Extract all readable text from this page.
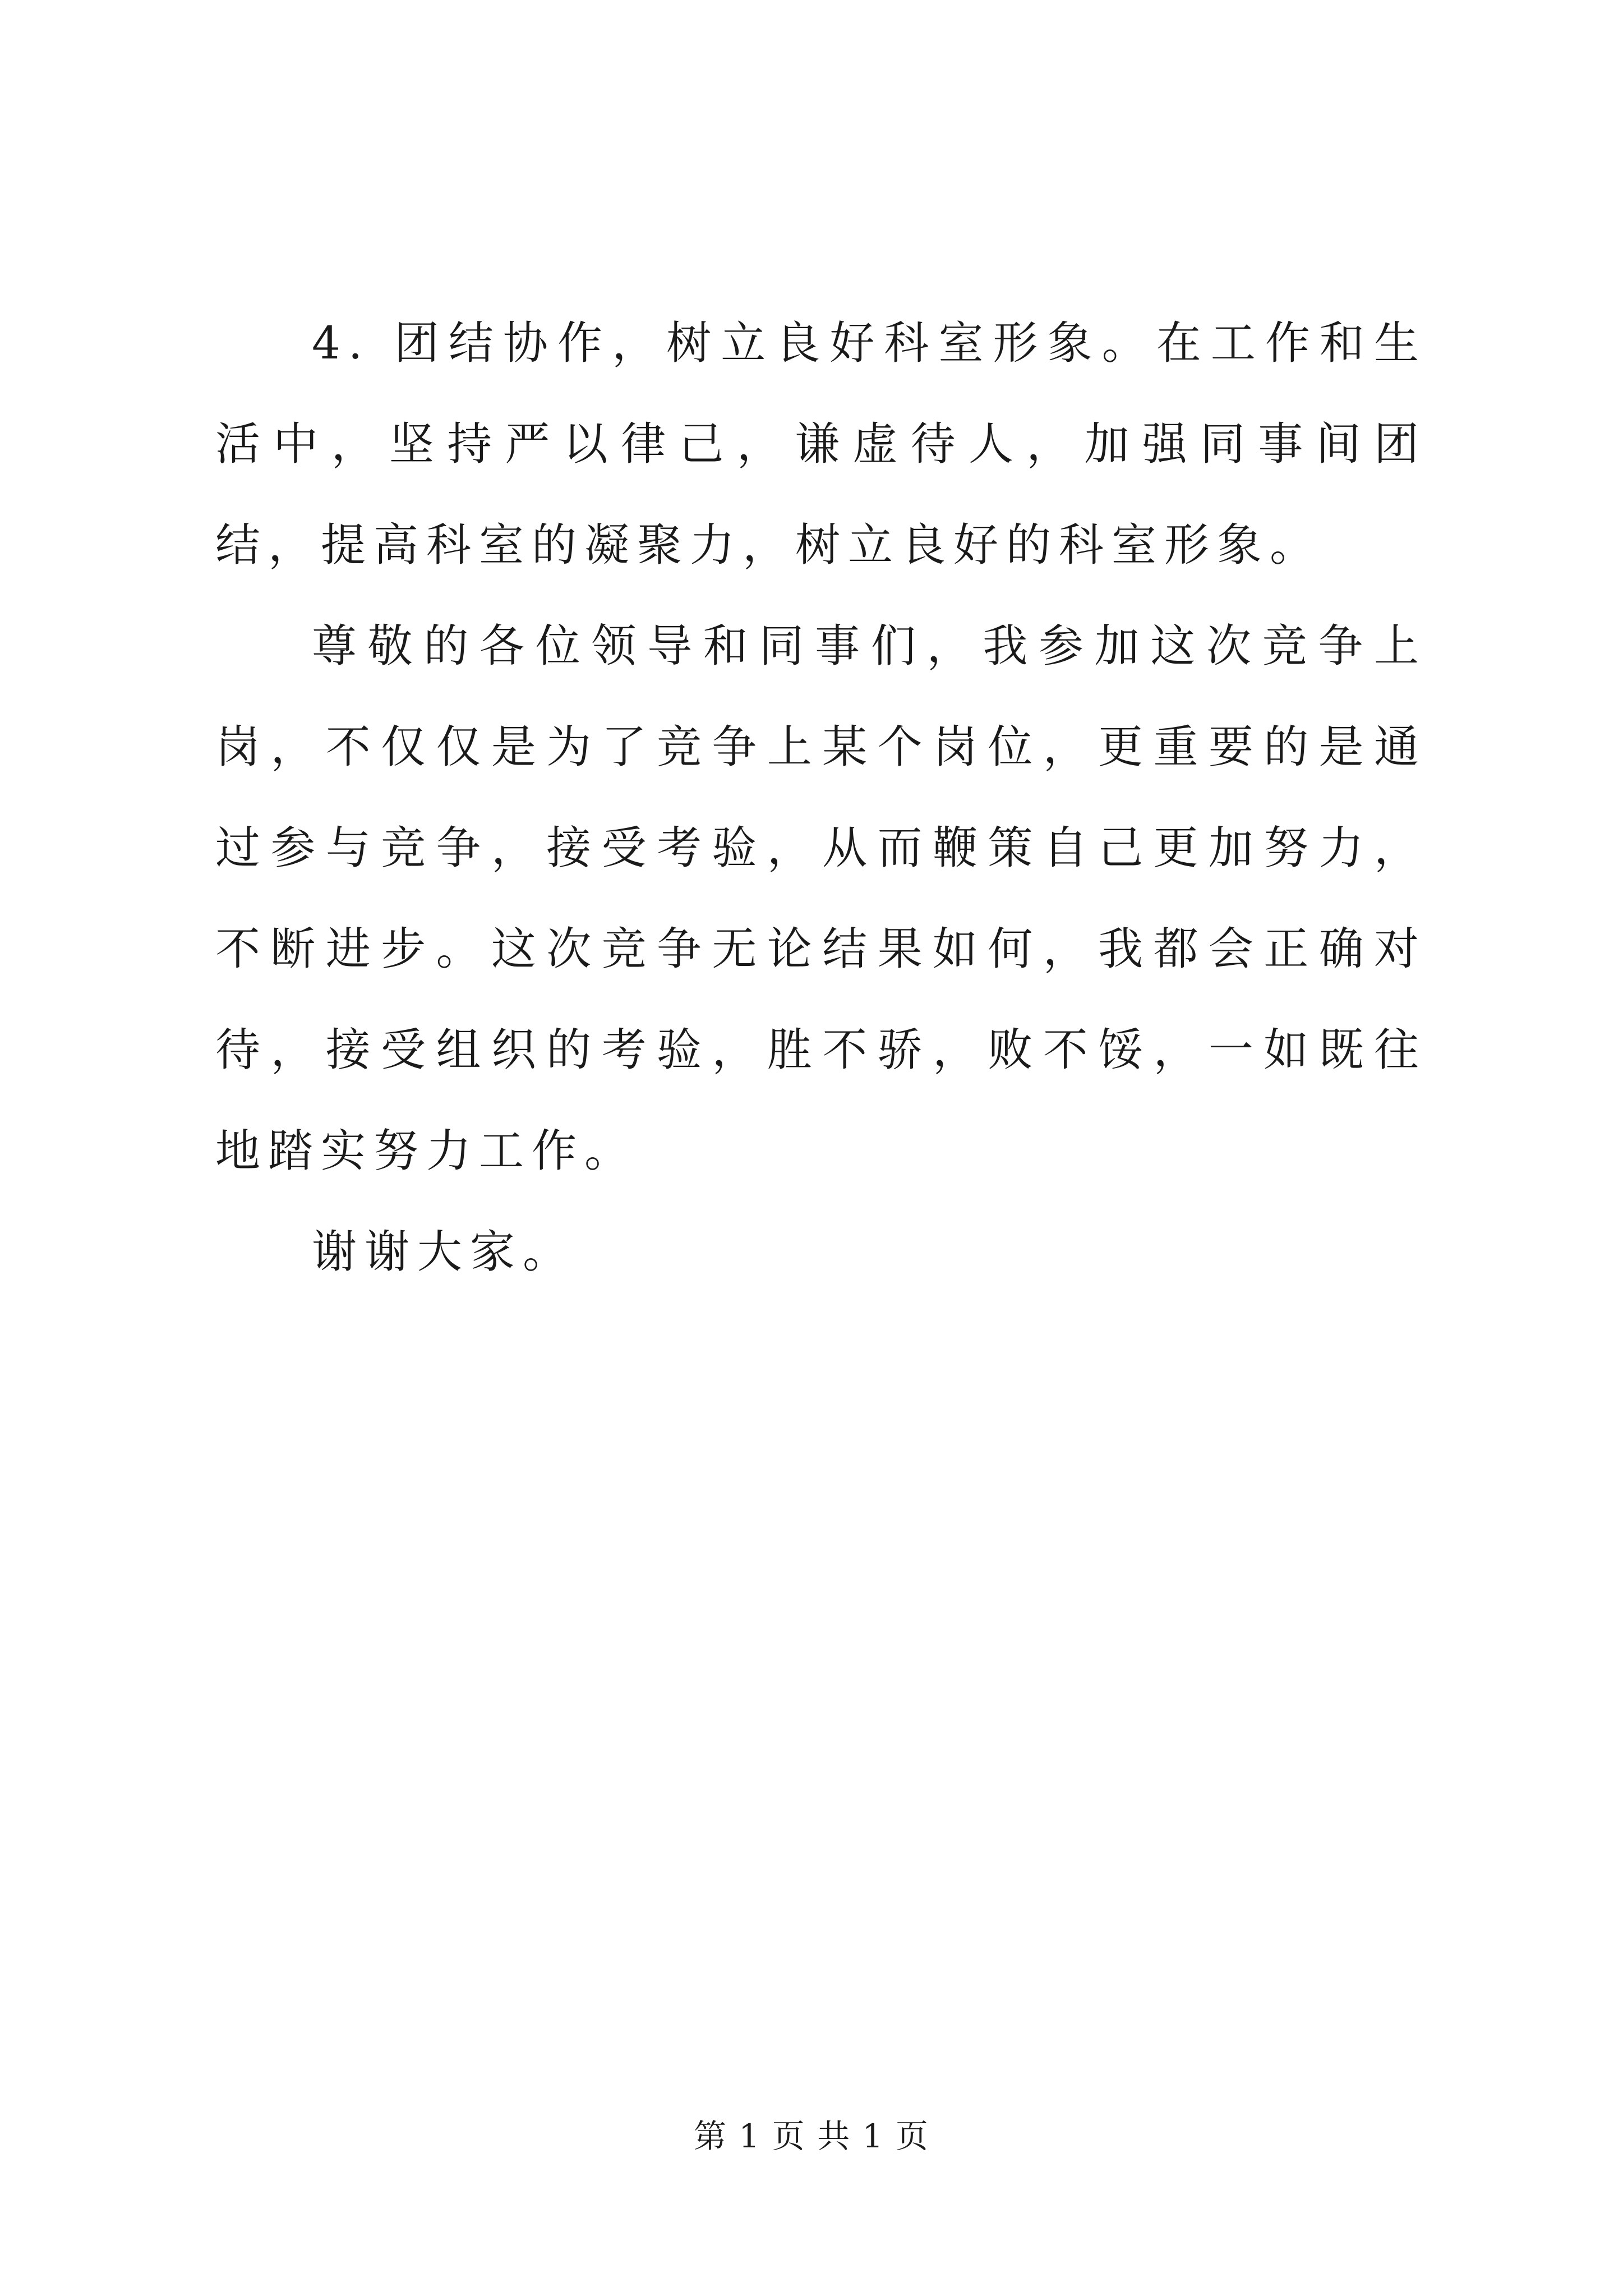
4. 团结协作，树立良好科室形象。在工作和生活中，坚持严以律己，谦虚待人，加强同事间团结，提高科室的凝聚力，树立良好的科室形象。

尊敬的各位领导和同事们，我参加这次竞争上岗，不仅仅是为了竞争上某个岗位，更重要的是通过参与竞争，接受考验，从而鞭策自己更加努力，不断进步。这次竞争无论结果如何，我都会正确对待，接受组织的考验，胜不骄，败不馁，一如既往地踏实努力工作。

谢谢大家。

第 1 页 共 1 页
